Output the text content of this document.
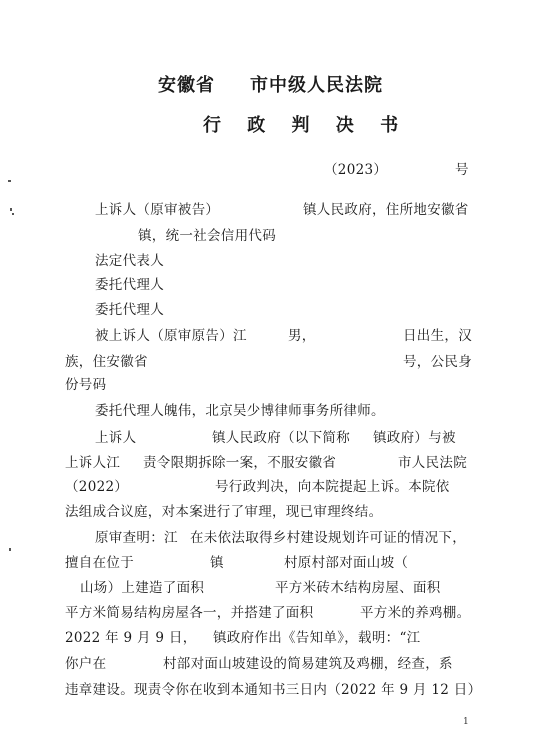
安徽省 市中级人民法院
行 政 判 决 书
（2023）	号
上诉人（原审被告）	镇人民政府，住所地安徽省
镇，统一社会信用代码
法定代表人
委托代理人
委托代理人
被上诉人（原审原告）江	男，	日出生，汉
族，住安徽省	号，公民身
份号码
委托代理人魄伟，北京吴少博律师事务所律师。
上诉人	镇人民政府（以下简称 镇政府）与被
上诉人江 责令限期拆除一案，不服安徽省	市人民法院
（2022）	号行政判决，向本院提起上诉。本院依
法组成合议庭，对本案进行了审理，现已审理终结。
原审查明：江 在未依法取得乡村建设规划许可证的情况下，
擅自在位于	镇	村原村部对面山坡（
山场）上建造了面积	平方米砖木结构房屋、面积
平方米简易结构房屋各一，并搭建了面积	平方米的养鸡棚。
2022 年 9 月 9 日， 镇政府作出《告知单》，载明：“江
你户在	村部对面山坡建设的简易建筑及鸡棚，经查，系
违章建设。现责令你在收到本通知书三日内（2022 年 9 月 12 日）
1
